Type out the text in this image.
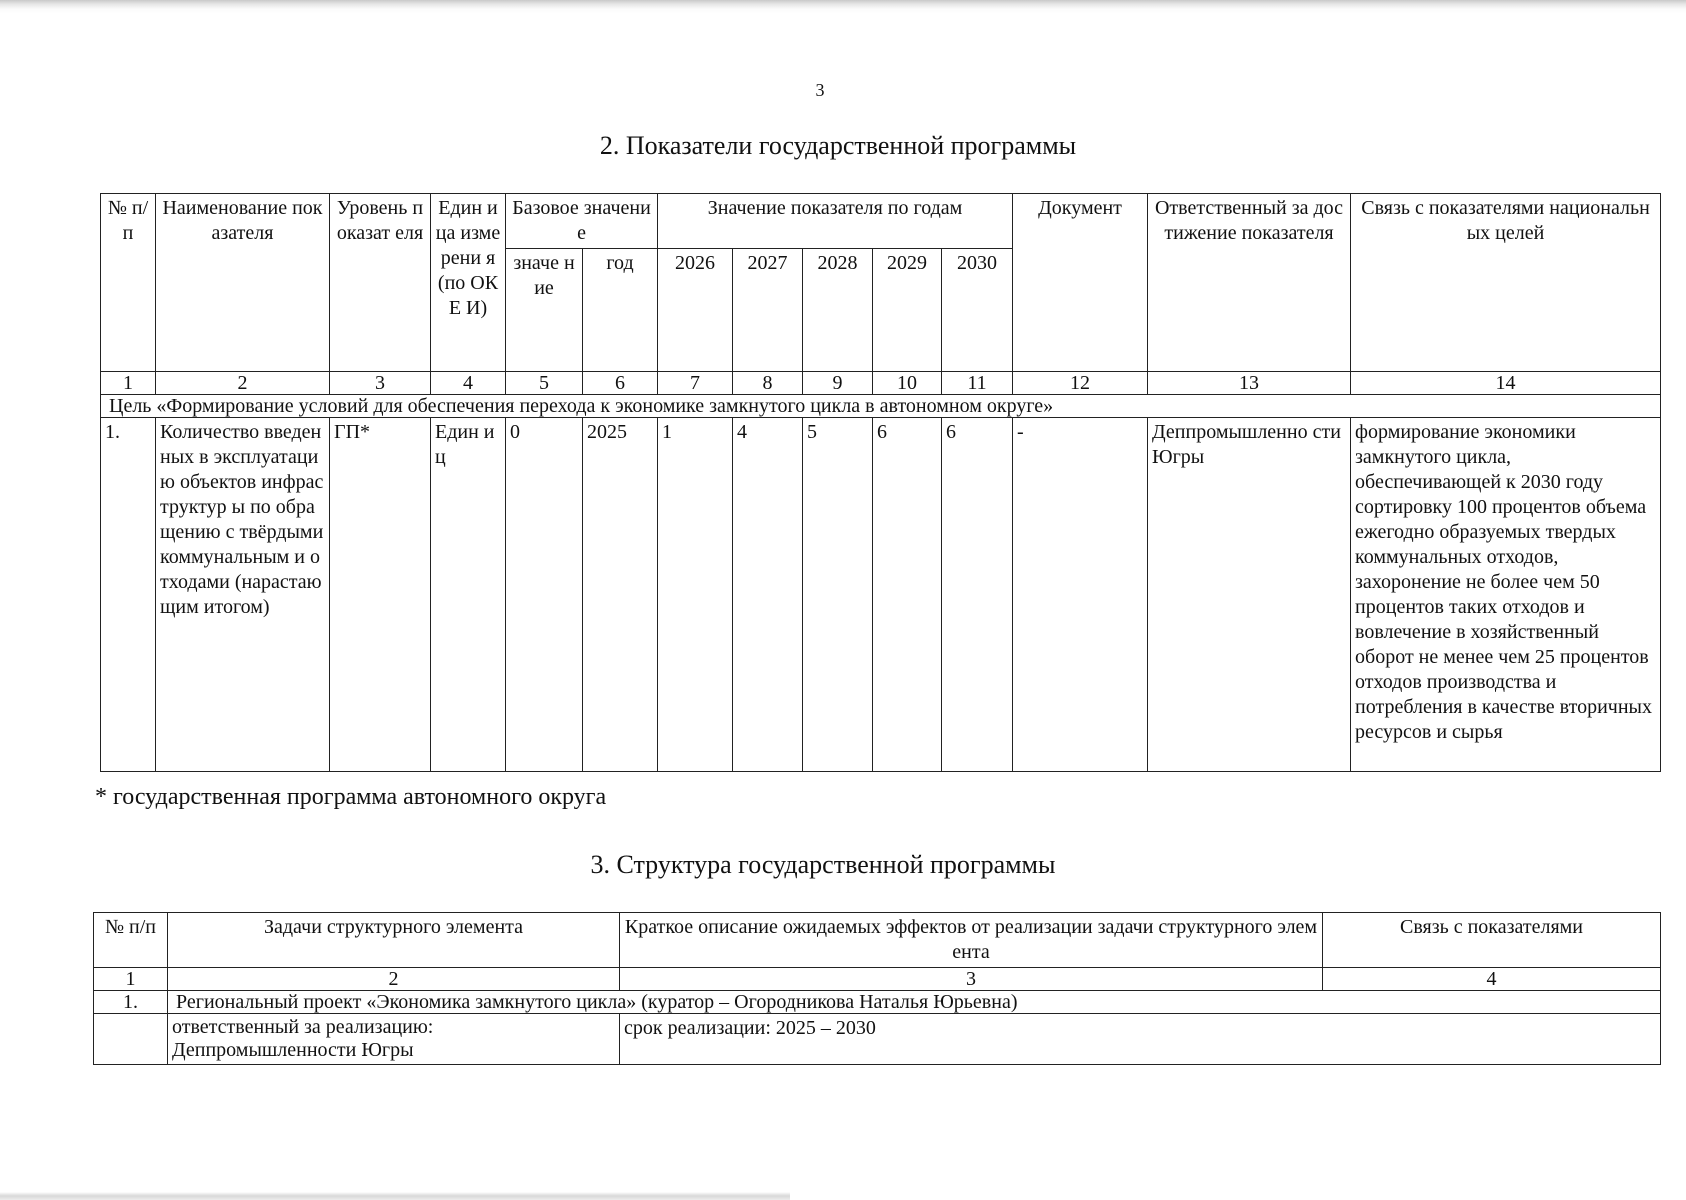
3
2. Показатели государственной программы
№ п/п	Наименование показателя	Уровень показат еля	Един ица изме рени я (по ОКЕ И)	Базовое значение		Значение показателя по годам					Документ	Ответственный за достижение показателя	Связь с показателями национальных целей
				значе ние	год	2026	2027	2028	2029	2030			
1	2	3	4	5	6	7	8	9	10	11	12	13	14
Цель «Формирование условий для обеспечения перехода к экономике замкнутого цикла в автономном округе»													
1.	Количество введенных в эксплуатацию объектов инфраструктур ы по обращению с твёрдыми коммунальным и отходами (нарастающим итогом)	ГП*	Един иц	0	2025	1	4	5	6	6	-	Деппромышленно сти Югры	формирование экономики замкнутого цикла, обеспечивающей к 2030 году сортировку 100 процентов объема ежегодно образуемых твердых коммунальных отходов, захоронение не более чем 50 процентов таких отходов и вовлечение в хозяйственный оборот не менее чем 25 процентов отходов производства и потребления в качестве вторичных ресурсов и сырья
* государственная программа автономного округа
3. Структура государственной программы
№ п/п	Задачи структурного элемента	Краткое описание ожидаемых эффектов от реализации задачи структурного элемента	Связь с показателями
1	2	3	4
1.	Региональный проект «Экономика замкнутого цикла» (куратор – Огородникова Наталья Юрьевна)		
	ответственный за реализацию: Деппромышленности Югры	срок реализации: 2025 – 2030	
